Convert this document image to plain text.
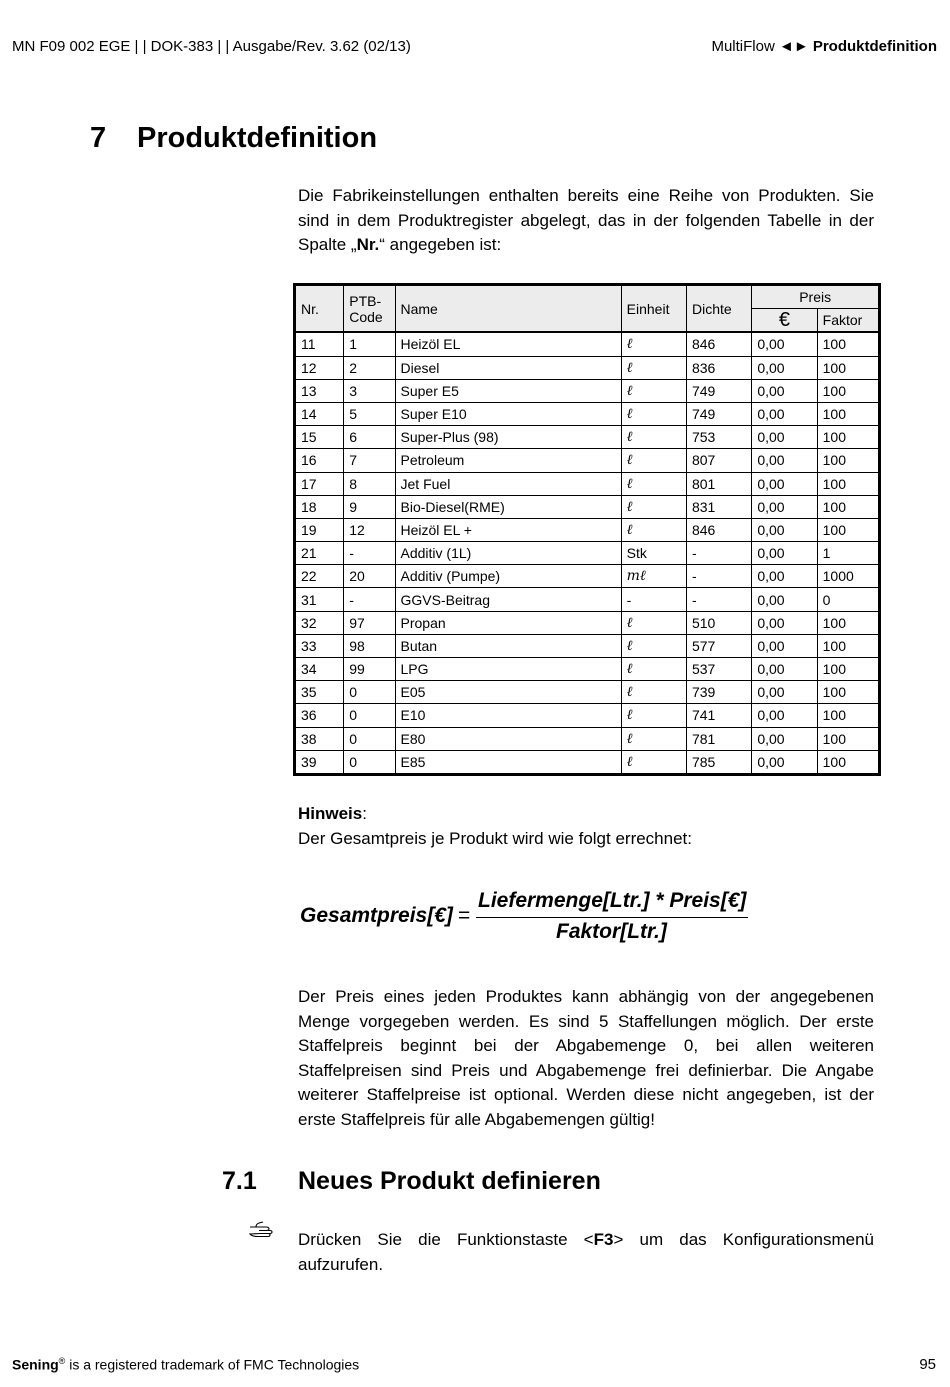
MN F09 002 EGE | | DOK-383 | | Ausgabe/Rev. 3.62 (02/13)	MultiFlow ◄► Produktdefinition
7 Produktdefinition
Die Fabrikeinstellungen enthalten bereits eine Reihe von Produkten. Sie sind in dem Produktregister abgelegt, das in der folgenden Tabelle in der Spalte „Nr.“ angegeben ist:
Nr.	PTB-Code	Name	Einheit	Dichte	Preis	
					€	Faktor
11	1	Heizöl EL	ℓ	846	0,00	100
12	2	Diesel	ℓ	836	0,00	100
13	3	Super E5	ℓ	749	0,00	100
14	5	Super E10	ℓ	749	0,00	100
15	6	Super-Plus (98)	ℓ	753	0,00	100
16	7	Petroleum	ℓ	807	0,00	100
17	8	Jet Fuel	ℓ	801	0,00	100
18	9	Bio-Diesel(RME)	ℓ	831	0,00	100
19	12	Heizöl EL +	ℓ	846	0,00	100
21	-	Additiv (1L)	Stk	-	0,00	1
22	20	Additiv (Pumpe)	mℓ	-	0,00	1000
31	-	GGVS-Beitrag	-	-	0,00	0
32	97	Propan	ℓ	510	0,00	100
33	98	Butan	ℓ	577	0,00	100
34	99	LPG	ℓ	537	0,00	100
35	0	E05	ℓ	739	0,00	100
36	0	E10	ℓ	741	0,00	100
38	0	E80	ℓ	781	0,00	100
39	0	E85	ℓ	785	0,00	100
Hinweis:
Der Gesamtpreis je Produkt wird wie folgt errechnet:
Gesamtpreis[€] =
Liefermenge[Ltr.] * Preis[€]
Faktor[Ltr.]
Der Preis eines jeden Produktes kann abhängig von der angegebenen Menge vorgegeben werden. Es sind 5 Staffellungen möglich. Der erste Staffelpreis beginnt bei der Abgabemenge 0, bei allen weiteren Staffelpreisen sind Preis und Abgabemenge frei definierbar. Die Angabe weiterer Staffelpreise ist optional. Werden diese nicht angegeben, ist der erste Staffelpreis für alle Abgabemengen gültig!
7.1 Neues Produkt definieren
Drücken Sie die Funktionstaste <F3> um das Konfigurationsmenü aufzurufen.
Sening® is a registered trademark of FMC Technologies	95
